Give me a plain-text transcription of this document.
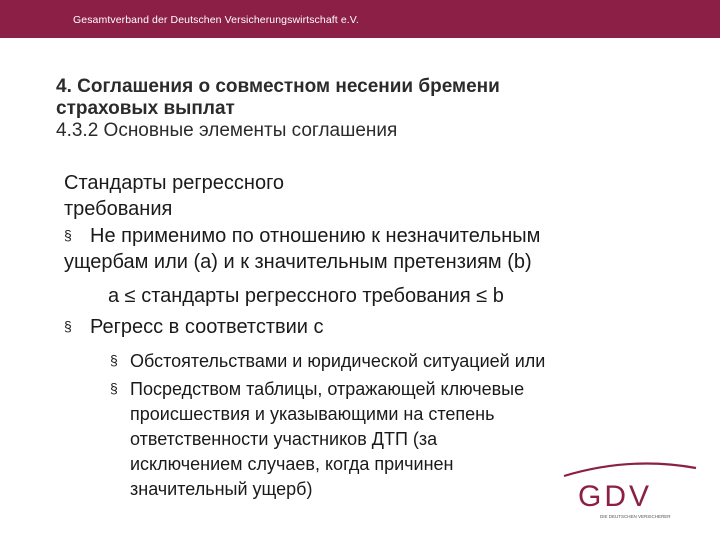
Gesamtverband der Deutschen Versicherungswirtschaft e.V.
4. Соглашения о совместном несении бремени
страховых выплат
4.3.2 Основные элементы соглашения
Стандарты регрессного
требования
§ Не применимо по отношению к незначительным
ущербам или (a) и к значительным претензиям (b)
a ≤ стандарты регрессного требования ≤ b
§ Регресс в соответствии с
§ Обстоятельствами и юридической ситуацией или
§ Посредством таблицы, отражающей ключевые
происшествия и указывающими на степень
ответственности участников ДТП (за
исключением случаев, когда причинен
значительный ущерб)	GDV
DIE DEUTSCHEN VERSICHERER
